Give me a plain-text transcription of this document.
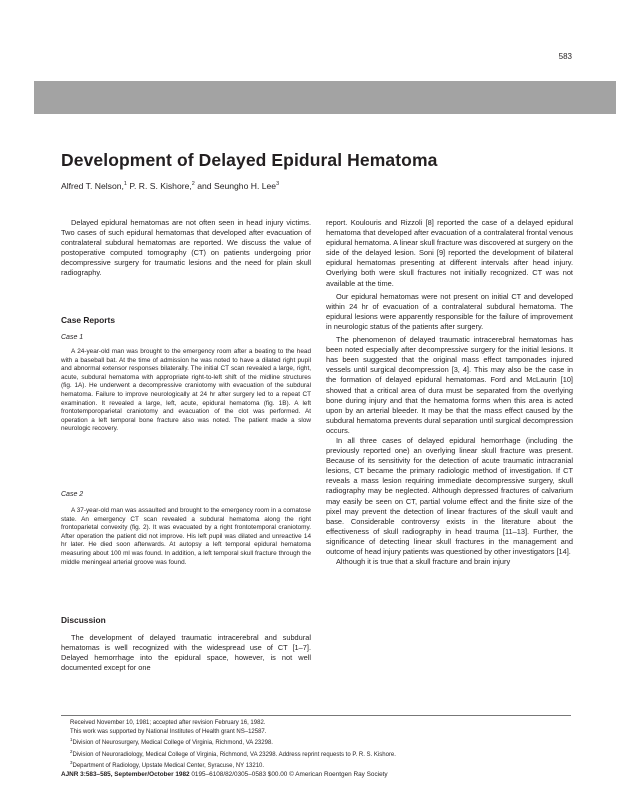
583
Development of Delayed Epidural Hematoma
Alfred T. Nelson,$^1$ P. R. S. Kishore,$^2$ and Seungho H. Lee$^3$

Delayed epidural hematomas are not often seen in head injury victims. Two cases of such epidural hematomas that developed after evacuation of contralateral subdural hematomas are reported. We discuss the value of postoperative computed tomography (CT) on patients undergoing prior decompressive surgery for traumatic lesions and the need for plain skull radiography.

Case Reports

Case 1

A 24-year-old man was brought to the emergency room after a beating to the head with a baseball bat. At the time of admission he was noted to have a dilated right pupil and abnormal extensor responses bilaterally. The initial CT scan revealed a large, right, acute, subdural hematoma with appropriate right-to-left shift of the midline structures (fig. 1A). He underwent a decompressive craniotomy with evacuation of the subdural hematoma. Failure to improve neurologically at 24 hr after surgery led to a repeat CT examination. It revealed a large, left, acute, epidural hematoma (fig. 1B). A left frontotemporoparietal craniotomy and evacuation of the clot was performed. At operation a left temporal bone fracture also was noted. The patient made a slow neurologic recovery.

Case 2

A 37-year-old man was assaulted and brought to the emergency room in a comatose state. An emergency CT scan revealed a subdural hematoma along the right frontoparietal convexity (fig. 2). It was evacuated by a right frontotemporal craniotomy. After operation the patient did not improve. His left pupil was dilated and unreactive 14 hr later. He died soon afterwards. At autopsy a left temporal epidural hematoma measuring about 100 ml was found. In addition, a left temporal skull fracture through the middle meningeal arterial groove was found.

Discussion

The development of delayed traumatic intracerebral and subdural hematomas is well recognized with the widespread use of CT [1–7]. Delayed hemorrhage into the epidural space, however, is not well documented except for one

report. Koulouris and Rizzoli [8] reported the case of a delayed epidural hematoma that developed after evacuation of a contralateral frontal venous epidural hematoma. A linear skull fracture was discovered at surgery on the side of the delayed lesion. Soni [9] reported the development of bilateral epidural hematomas presenting at different intervals after head injury. Overlying both were skull fractures not initially recognized. CT was not available at the time.

Our epidural hematomas were not present on initial CT and developed within 24 hr of evacuation of a contralateral subdural hematoma. The epidural lesions were apparently responsible for the failure of improvement in neurologic status of the patients after surgery.

The phenomenon of delayed traumatic intracerebral hematomas has been noted especially after decompressive surgery for the initial lesions. It has been suggested that the original mass effect tamponades injured vessels until surgical decompression [3, 4]. This may also be the case in the formation of delayed epidural hematomas. Ford and McLaurin [10] showed that a critical area of dura must be separated from the overlying bone during injury and that the hematoma forms when this area is acted upon by an arterial bleeder. It may be that the mass effect caused by the subdural hematoma prevents dural separation until surgical decompression occurs.

In all three cases of delayed epidural hemorrhage (including the previously reported one) an overlying linear skull fracture was present. Because of its sensitivity for the detection of acute traumatic intracranial lesions, CT became the primary radiologic method of investigation. If CT reveals a mass lesion requiring immediate decompressive surgery, skull radiography may be neglected. Although depressed fractures of calvarium may easily be seen on CT, partial volume effect and the finite size of the pixel may prevent the detection of linear fractures of the skull vault and base. Considerable controversy exists in the literature about the effectiveness of skull radiography in head trauma [11–13]. Further, the significance of detecting linear skull fractures in the management and outcome of head injury patients was questioned by other investigators [14].

Although it is true that a skull fracture and brain injury

Received November 10, 1981; accepted after revision February 16, 1982.

This work was supported by National Institutes of Health grant NS–12587.

$^1$Division of Neurosurgery, Medical College of Virginia, Richmond, VA 23298.

$^2$Division of Neuroradiology, Medical College of Virginia, Richmond, VA 23298. Address reprint requests to P. R. S. Kishore.

$^3$Department of Radiology, Upstate Medical Center, Syracuse, NY 13210.

AJNR 3:583–585, September/October 1982 0195–6108/82/0305–0583 $00.00 © American Roentgen Ray Society
